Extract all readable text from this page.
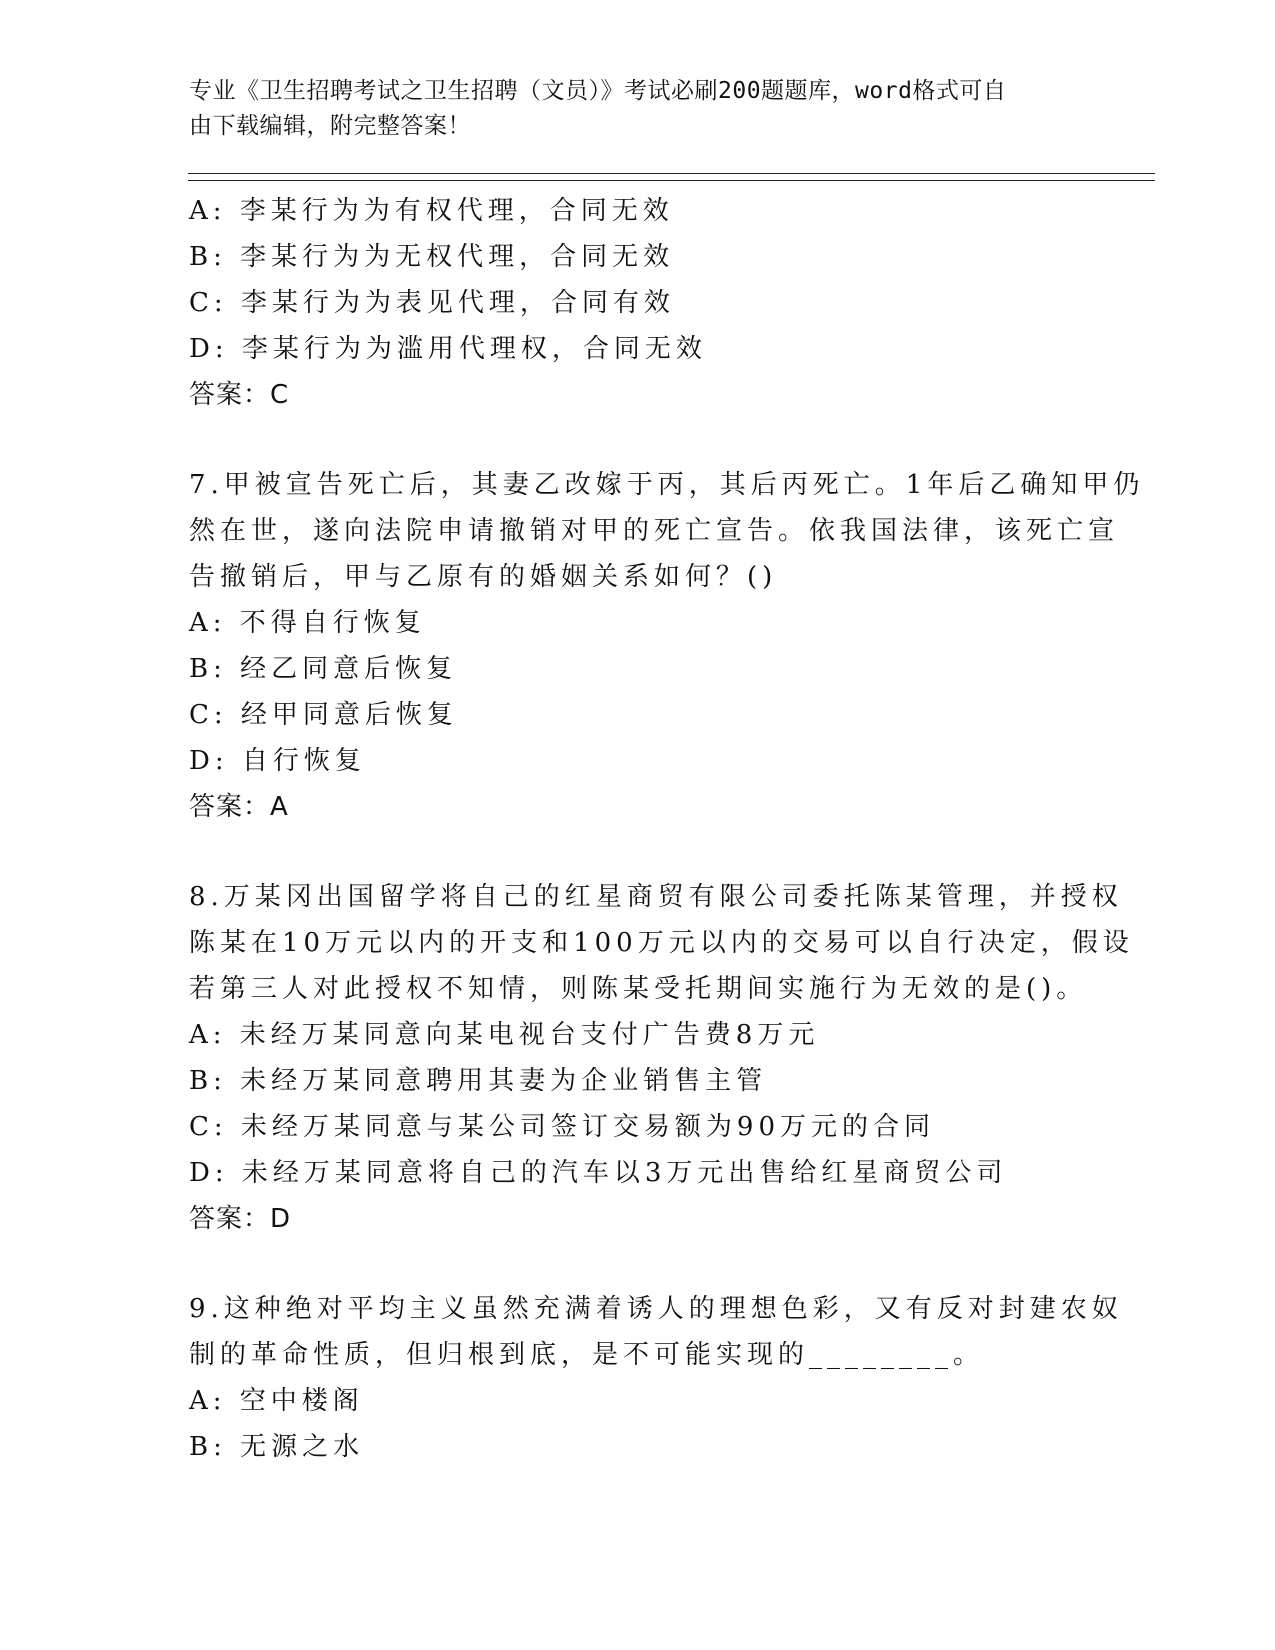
专业《卫生招聘考试之卫生招聘（文员）》考试必刷200题题库，word格式可自
由下载编辑，附完整答案！
A: 李某行为为有权代理，合同无效
B: 李某行为为无权代理，合同无效
C: 李某行为为表见代理，合同有效
D: 李某行为为滥用代理权，合同无效
答案：C
7.甲被宣告死亡后，其妻乙改嫁于丙，其后丙死亡。1年后乙确知甲仍
然在世，遂向法院申请撤销对甲的死亡宣告。依我国法律，该死亡宣
告撤销后，甲与乙原有的婚姻关系如何？()
A: 不得自行恢复
B: 经乙同意后恢复
C: 经甲同意后恢复
D: 自行恢复
答案：A
8.万某冈出国留学将自己的红星商贸有限公司委托陈某管理，并授权
陈某在10万元以内的开支和100万元以内的交易可以自行决定，假设
若第三人对此授权不知情，则陈某受托期间实施行为无效的是()。
A: 未经万某同意向某电视台支付广告费8万元
B: 未经万某同意聘用其妻为企业销售主管
C: 未经万某同意与某公司签订交易额为90万元的合同
D: 未经万某同意将自己的汽车以3万元出售给红星商贸公司
答案：D
9.这种绝对平均主义虽然充满着诱人的理想色彩，又有反对封建农奴
制的革命性质，但归根到底，是不可能实现的________。
A: 空中楼阁
B: 无源之水
